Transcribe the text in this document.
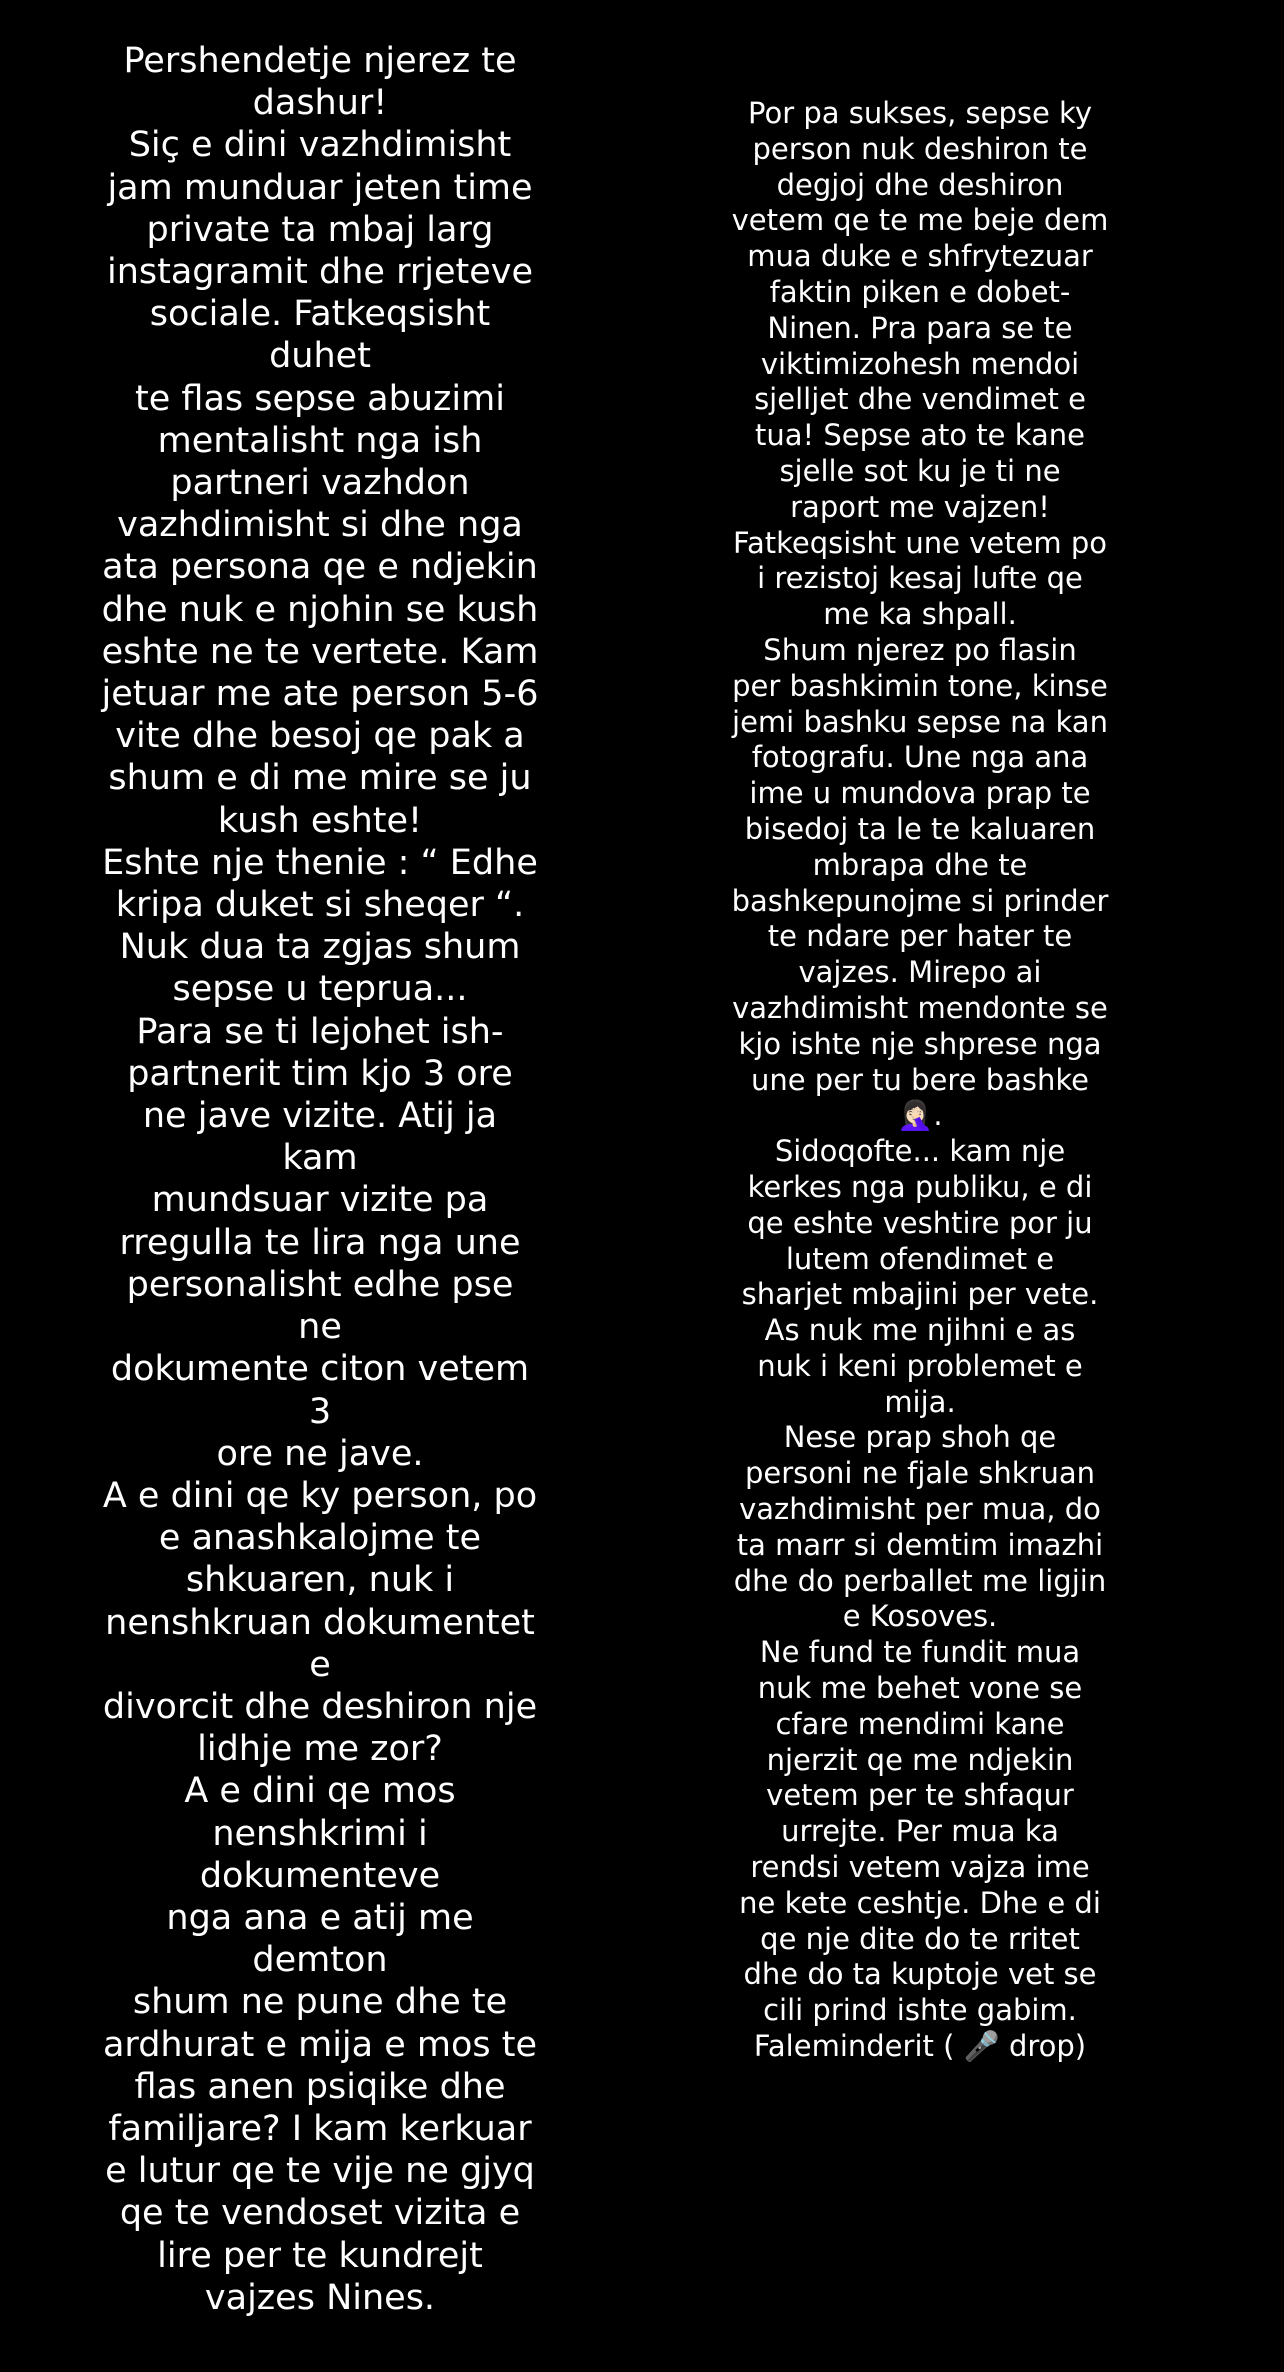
Pershendetje njerez te
dashur!
Siç e dini vazhdimisht
jam munduar jeten time
private ta mbaj larg
instagramit dhe rrjeteve
sociale. Fatkeqsisht duhet
te flas sepse abuzimi
mentalisht nga ish
partneri vazhdon
vazhdimisht si dhe nga
ata persona qe e ndjekin
dhe nuk e njohin se kush
eshte ne te vertete. Kam
jetuar me ate person 5-6
vite dhe besoj qe pak a
shum e di me mire se ju
kush eshte!
Eshte nje thenie : “ Edhe
kripa duket si sheqer “.
Nuk dua ta zgjas shum
sepse u teprua...
Para se ti lejohet ish-
partnerit tim kjo 3 ore
ne jave vizite. Atij ja kam
mundsuar vizite pa
rregulla te lira nga une
personalisht edhe pse ne
dokumente citon vetem 3
ore ne jave.
A e dini qe ky person, po
e anashkalojme te
shkuaren, nuk i
nenshkruan dokumentet e
divorcit dhe deshiron nje
lidhje me zor?
A e dini qe mos
nenshkrimi i dokumenteve
nga ana e atij me demton
shum ne pune dhe te
ardhurat e mija e mos te
flas anen psiqike dhe
familjare? I kam kerkuar
e lutur qe te vije ne gjyq
qe te vendoset vizita e
lire per te kundrejt
vajzes Nines.
Por pa sukses, sepse ky
person nuk deshiron te
degjoj dhe deshiron
vetem qe te me beje dem
mua duke e shfrytezuar
faktin piken e dobet-
Ninen. Pra para se te
viktimizohesh mendoi
sjelljet dhe vendimet e
tua! Sepse ato te kane
sjelle sot ku je ti ne
raport me vajzen!
Fatkeqsisht une vetem po
i rezistoj kesaj lufte qe
me ka shpall.
Shum njerez po flasin
per bashkimin tone, kinse
jemi bashku sepse na kan
fotografu. Une nga ana
ime u mundova prap te
bisedoj ta le te kaluaren
mbrapa dhe te
bashkepunojme si prinder
te ndare per hater te
vajzes. Mirepo ai
vazhdimisht mendonte se
kjo ishte nje shprese nga
une per tu bere bashke
🤦🏻‍♀️.
Sidoqofte... kam nje
kerkes nga publiku, e di
qe eshte veshtire por ju
lutem ofendimet e
sharjet mbajini per vete.
As nuk me njihni e as
nuk i keni problemet e
mija.
Nese prap shoh qe
personi ne fjale shkruan
vazhdimisht per mua, do
ta marr si demtim imazhi
dhe do perballet me ligjin
e Kosoves.
Ne fund te fundit mua
nuk me behet vone se
cfare mendimi kane
njerzit qe me ndjekin
vetem per te shfaqur
urrejte. Per mua ka
rendsi vetem vajza ime
ne kete ceshtje. Dhe e di
qe nje dite do te rritet
dhe do ta kuptoje vet se
cili prind ishte gabim.
Faleminderit ( 🎤 drop)
